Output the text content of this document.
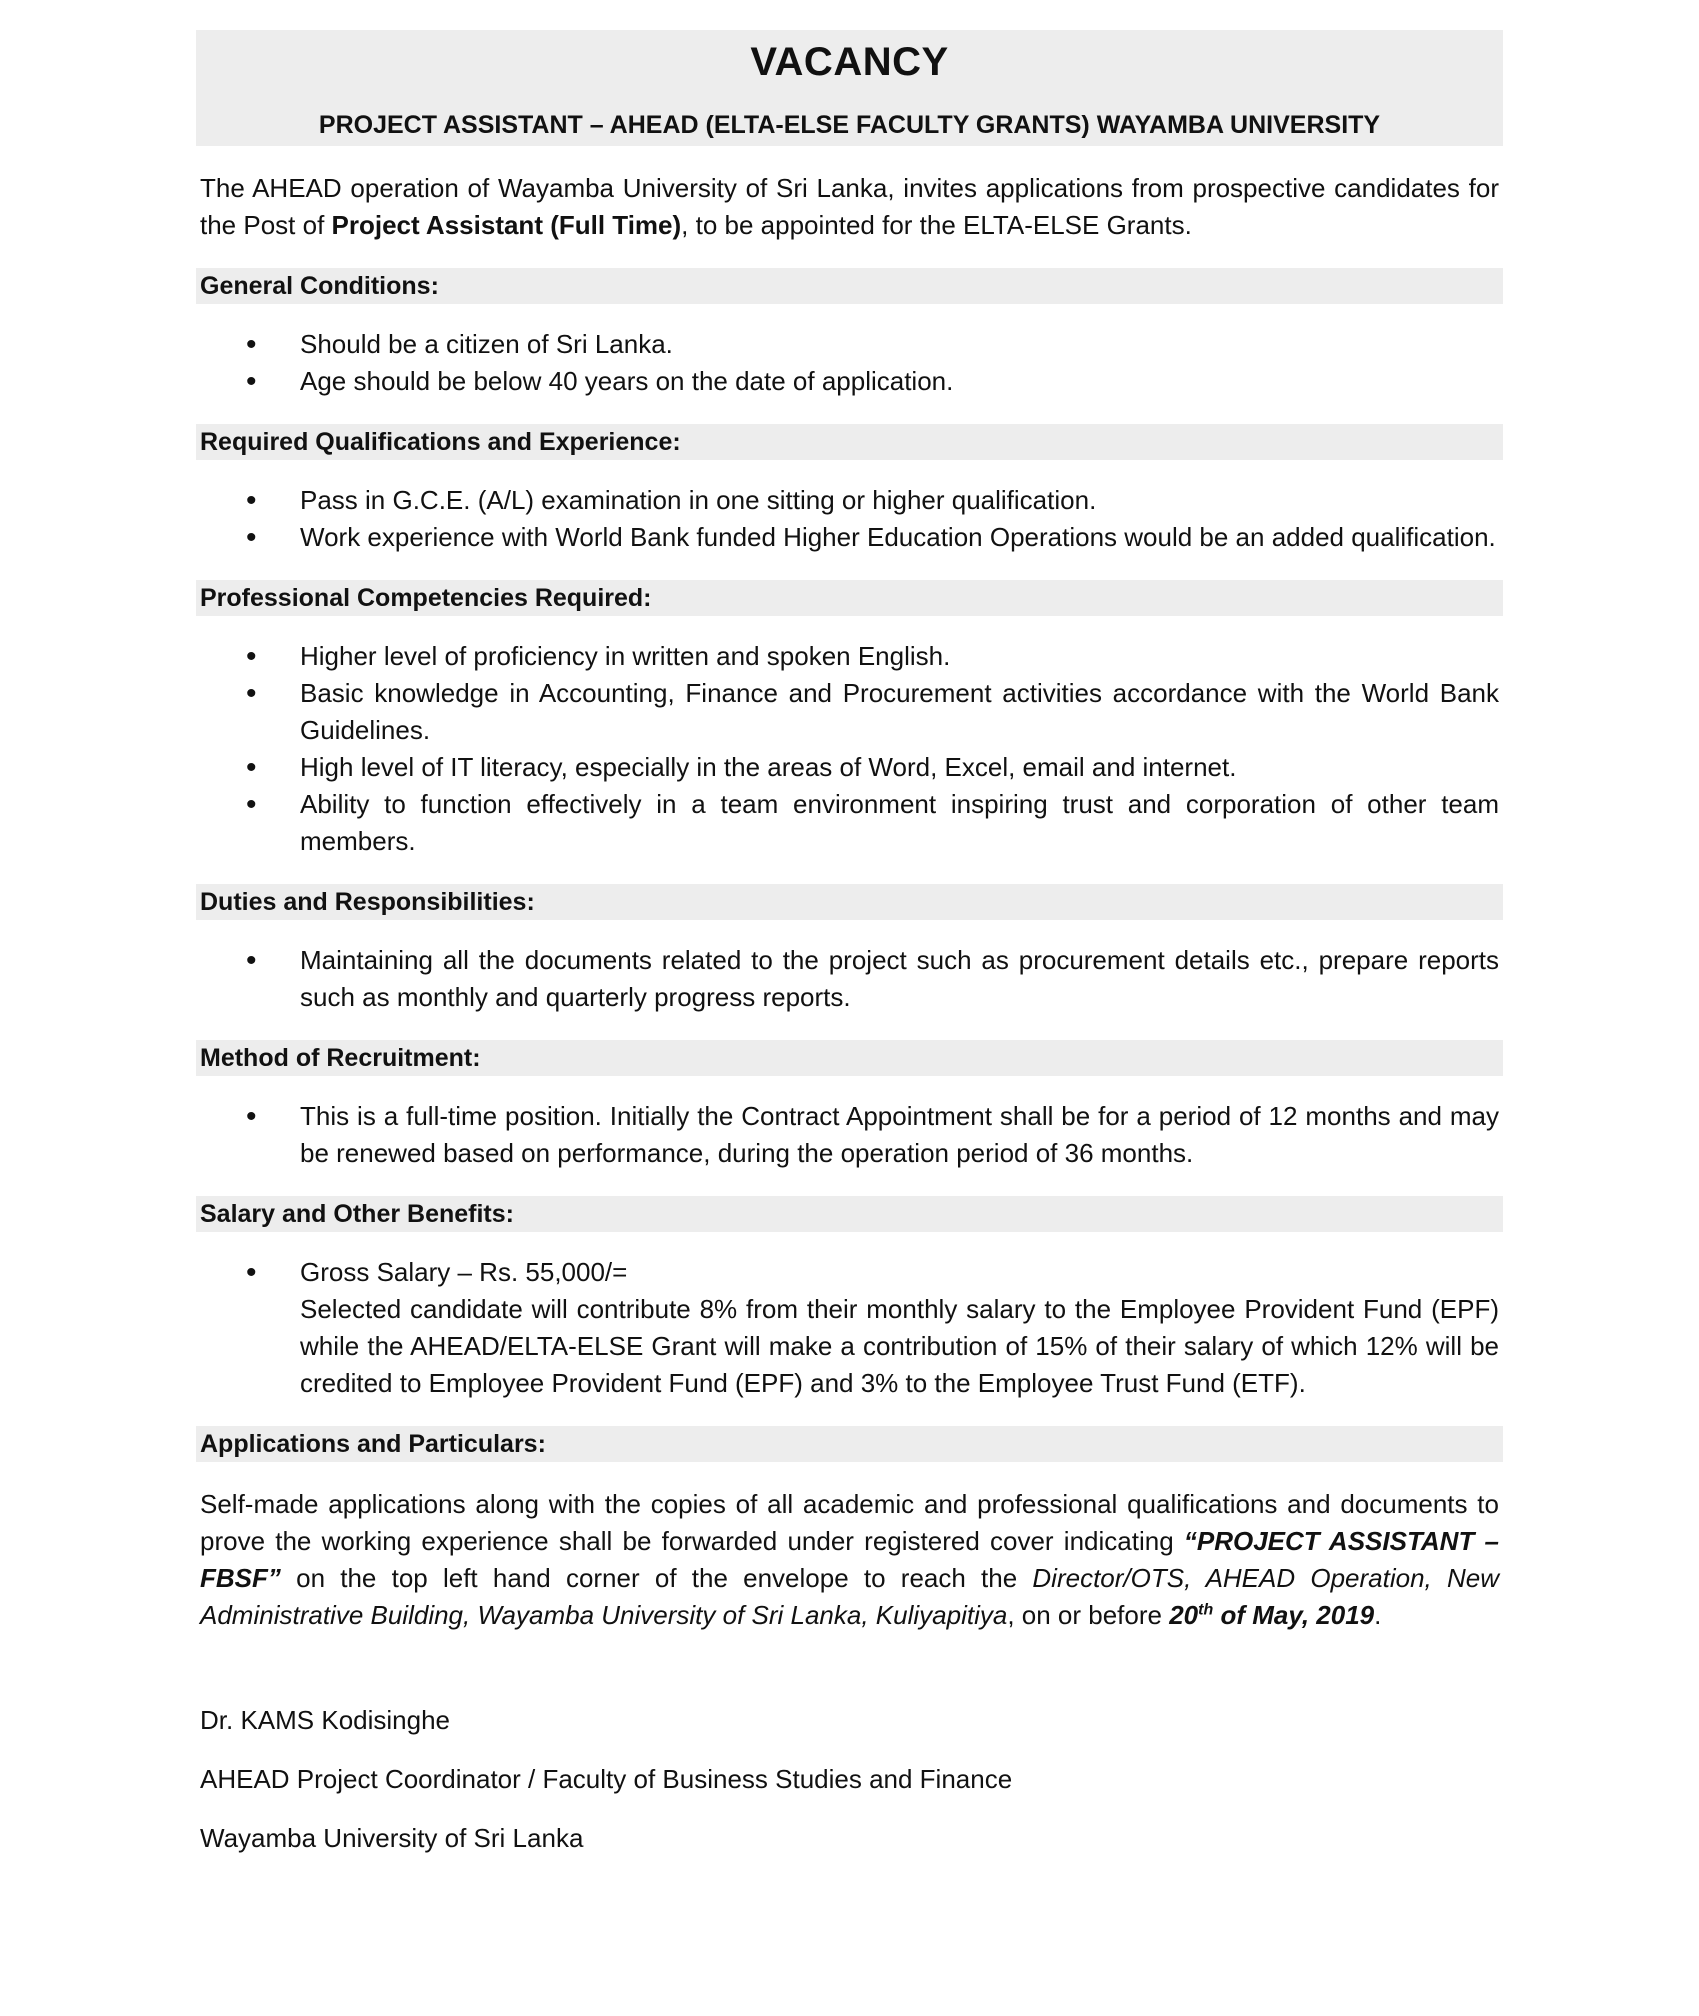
VACANCY
PROJECT ASSISTANT – AHEAD (ELTA-ELSE FACULTY GRANTS) WAYAMBA UNIVERSITY

The AHEAD operation of Wayamba University of Sri Lanka, invites applications from prospective candidates for the Post of Project Assistant (Full Time), to be appointed for the ELTA-ELSE Grants.

General Conditions:
• Should be a citizen of Sri Lanka.
• Age should be below 40 years on the date of application.
Required Qualifications and Experience:
• Pass in G.C.E. (A/L) examination in one sitting or higher qualification.
• Work experience with World Bank funded Higher Education Operations would be an added qualification.
Professional Competencies Required:
• Higher level of proficiency in written and spoken English.
• Basic knowledge in Accounting, Finance and Procurement activities accordance with the World Bank Guidelines.
• High level of IT literacy, especially in the areas of Word, Excel, email and internet.
• Ability to function effectively in a team environment inspiring trust and corporation of other team members.
Duties and Responsibilities:
• Maintaining all the documents related to the project such as procurement details etc., prepare reports such as monthly and quarterly progress reports.
Method of Recruitment:
• This is a full-time position. Initially the Contract Appointment shall be for a period of 12 months and may be renewed based on performance, during the operation period of 36 months.
Salary and Other Benefits:
• Gross Salary – Rs. 55,000/=
Selected candidate will contribute 8% from their monthly salary to the Employee Provident Fund (EPF) while the AHEAD/ELTA-ELSE Grant will make a contribution of 15% of their salary of which 12% will be credited to Employee Provident Fund (EPF) and 3% to the Employee Trust Fund (ETF).
Applications and Particulars:

Self-made applications along with the copies of all academic and professional qualifications and documents to prove the working experience shall be forwarded under registered cover indicating “PROJECT ASSISTANT – FBSF” on the top left hand corner of the envelope to reach the Director/OTS, AHEAD Operation, New Administrative Building, Wayamba University of Sri Lanka, Kuliyapitiya, on or before 20th of May, 2019.

Dr. KAMS Kodisinghe
AHEAD Project Coordinator / Faculty of Business Studies and Finance
Wayamba University of Sri Lanka
